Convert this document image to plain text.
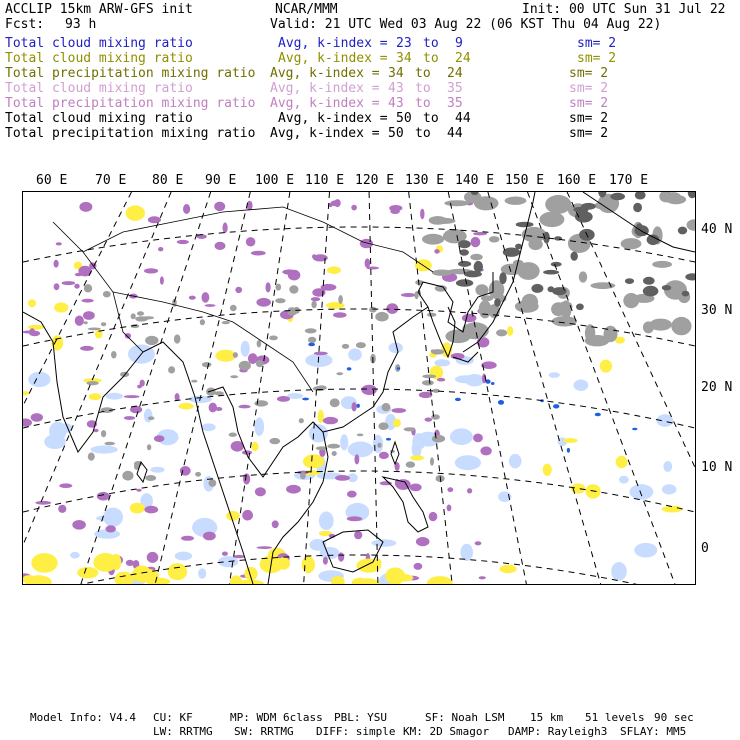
ACCLIP 15km ARW-GFS init	NCAR/MMM	Init: 00 UTC Sun 31 Jul 22
Fcst: 93 h	Valid: 21 UTC Wed 03 Aug 22 (06 KST Thu 04 Aug 22)
Total cloud mixing ratio	Avg, k-index = 23 to 9	sm= 2
Total cloud mixing ratio	Avg, k-index = 34 to 24	sm= 2
Total precipitation mixing ratio Avg, k-index = 34 to 24	sm= 2
Total cloud mixing ratio	Avg, k-index = 43 to 35	sm= 2
Total precipitation mixing ratio Avg, k-index = 43 to 35	sm= 2
Total cloud mixing ratio	Avg, k-index = 50 to 44	sm= 2
Total precipitation mixing ratio Avg, k-index = 50 to 44	sm= 2
60 E 70 E 80 E 90 E 100 E 110 E 120 E 130 E 140 E 150 E 160 E 170 E
40 N
30 N
20 N
10 N
0
Model Info: V4.4 CU: KF	MP: WDM 6class PBL: YSU	SF: Noah LSM 15 km 51 levels 90 sec
LW: RRTMG SW: RRTMG DIFF: simple KM: 2D Smagor DAMP: Rayleigh3 SFLAY: MM5
